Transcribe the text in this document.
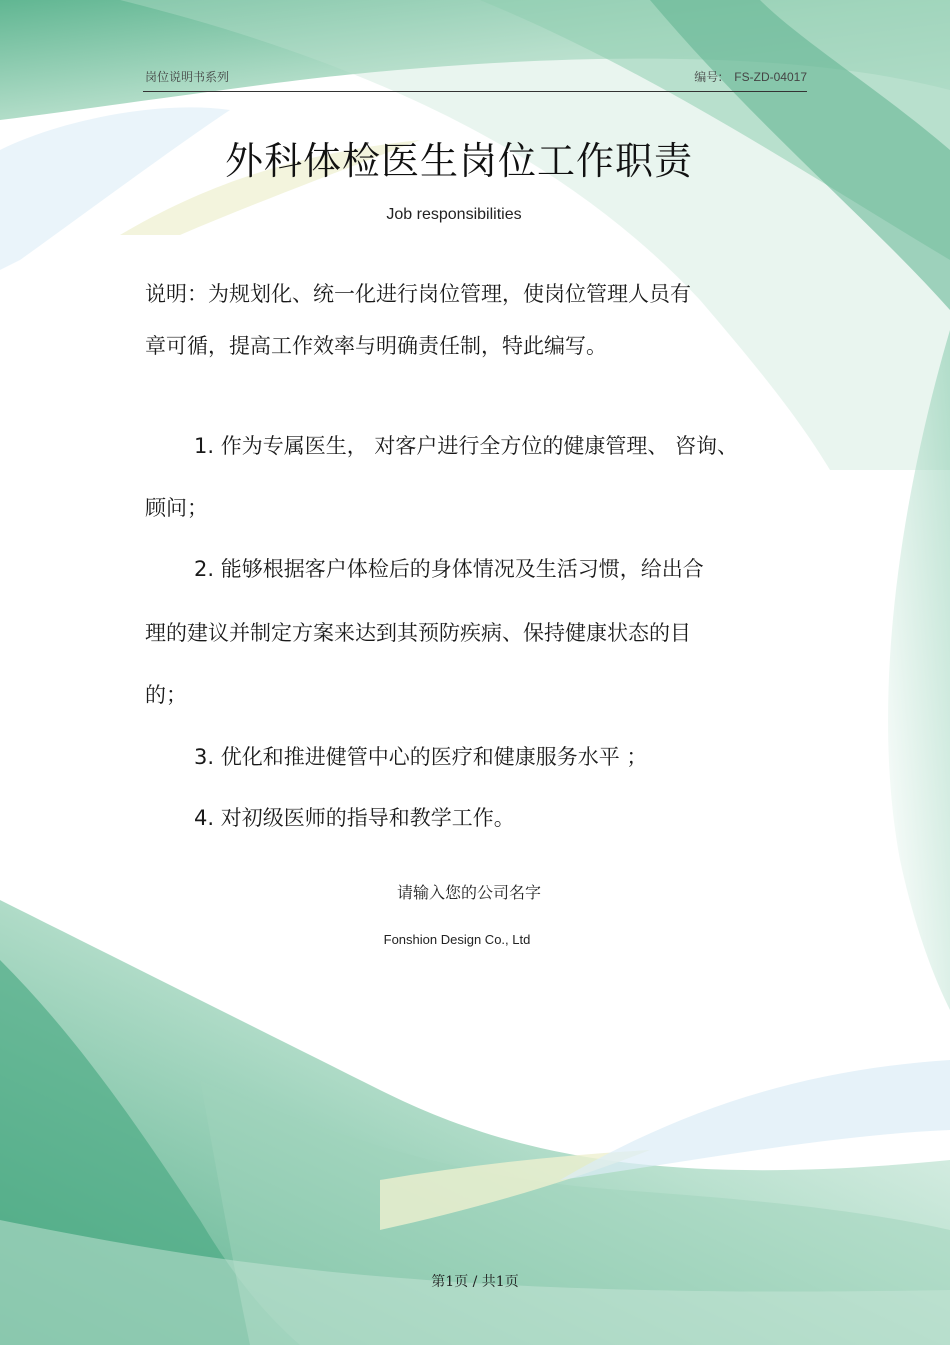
岗位说明书系列	编号: FS-ZD-04017
外科体检医生岗位工作职责
Job responsibilities
说明：为规划化、统一化进行岗位管理，使岗位管理人员有
章可循，提高工作效率与明确责任制，特此编写。
1. 作为专属医生， 对客户进行全方位的健康管理、 咨询、
顾问；
2. 能够根据客户体检后的身体情况及生活习惯，给出合
理的建议并制定方案来达到其预防疾病、保持健康状态的目
的；
3. 优化和推进健管中心的医疗和健康服务水平 ；
4. 对初级医师的指导和教学工作。
请输入您的公司名字
Fonshion Design Co., Ltd
第1页 / 共1页
